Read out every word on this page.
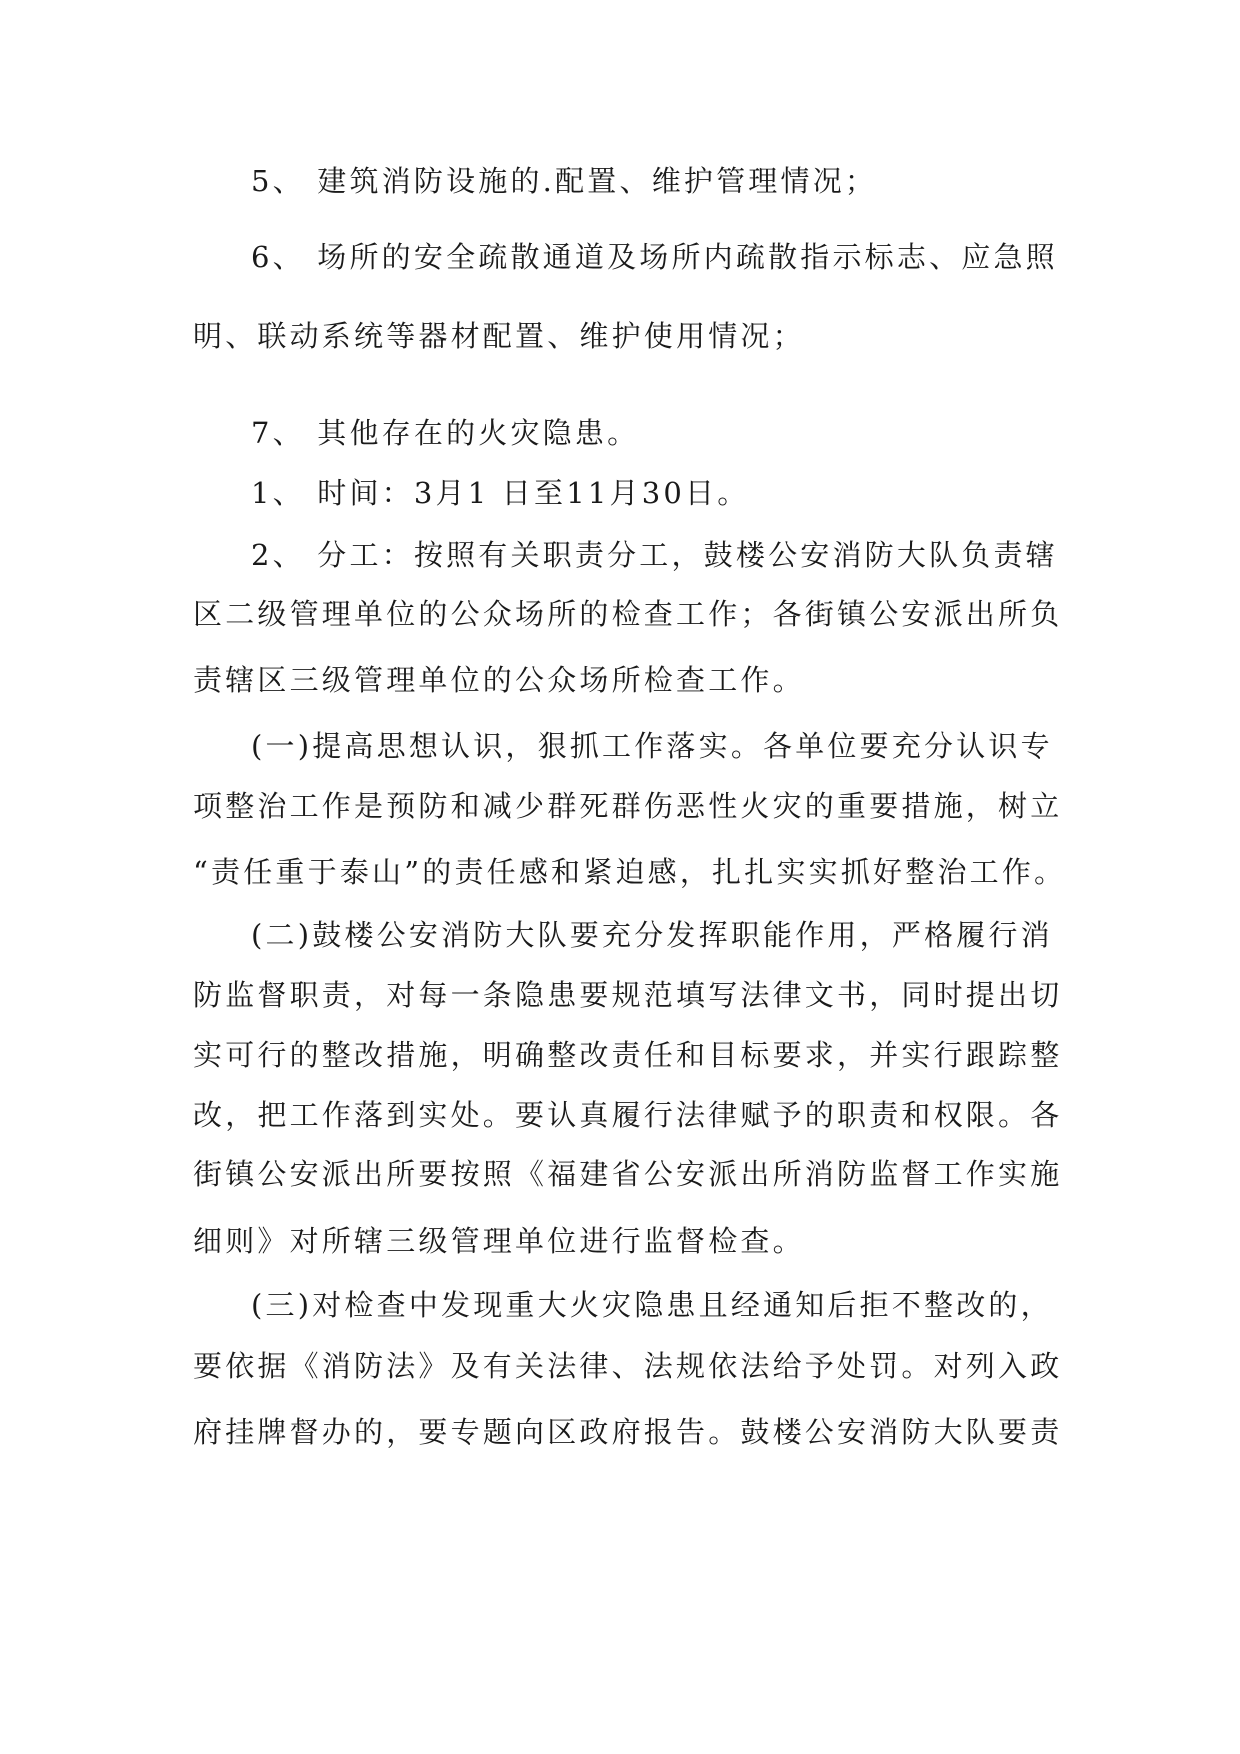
5、 建筑消防设施的.配置、维护管理情况；
6、 场所的安全疏散通道及场所内疏散指示标志、应急照
明、联动系统等器材配置、维护使用情况；
7、 其他存在的火灾隐患。
1、 时间：3月1 日至11月30日。
2、 分工：按照有关职责分工，鼓楼公安消防大队负责辖
区二级管理单位的公众场所的检查工作；各街镇公安派出所负
责辖区三级管理单位的公众场所检查工作。
(一)提高思想认识，狠抓工作落实。各单位要充分认识专
项整治工作是预防和减少群死群伤恶性火灾的重要措施，树立
“责任重于泰山”的责任感和紧迫感，扎扎实实抓好整治工作。
(二)鼓楼公安消防大队要充分发挥职能作用，严格履行消
防监督职责，对每一条隐患要规范填写法律文书，同时提出切
实可行的整改措施，明确整改责任和目标要求，并实行跟踪整
改，把工作落到实处。要认真履行法律赋予的职责和权限。各
街镇公安派出所要按照《福建省公安派出所消防监督工作实施
细则》对所辖三级管理单位进行监督检查。
(三)对检查中发现重大火灾隐患且经通知后拒不整改的，
要依据《消防法》及有关法律、法规依法给予处罚。对列入政
府挂牌督办的，要专题向区政府报告。鼓楼公安消防大队要责
